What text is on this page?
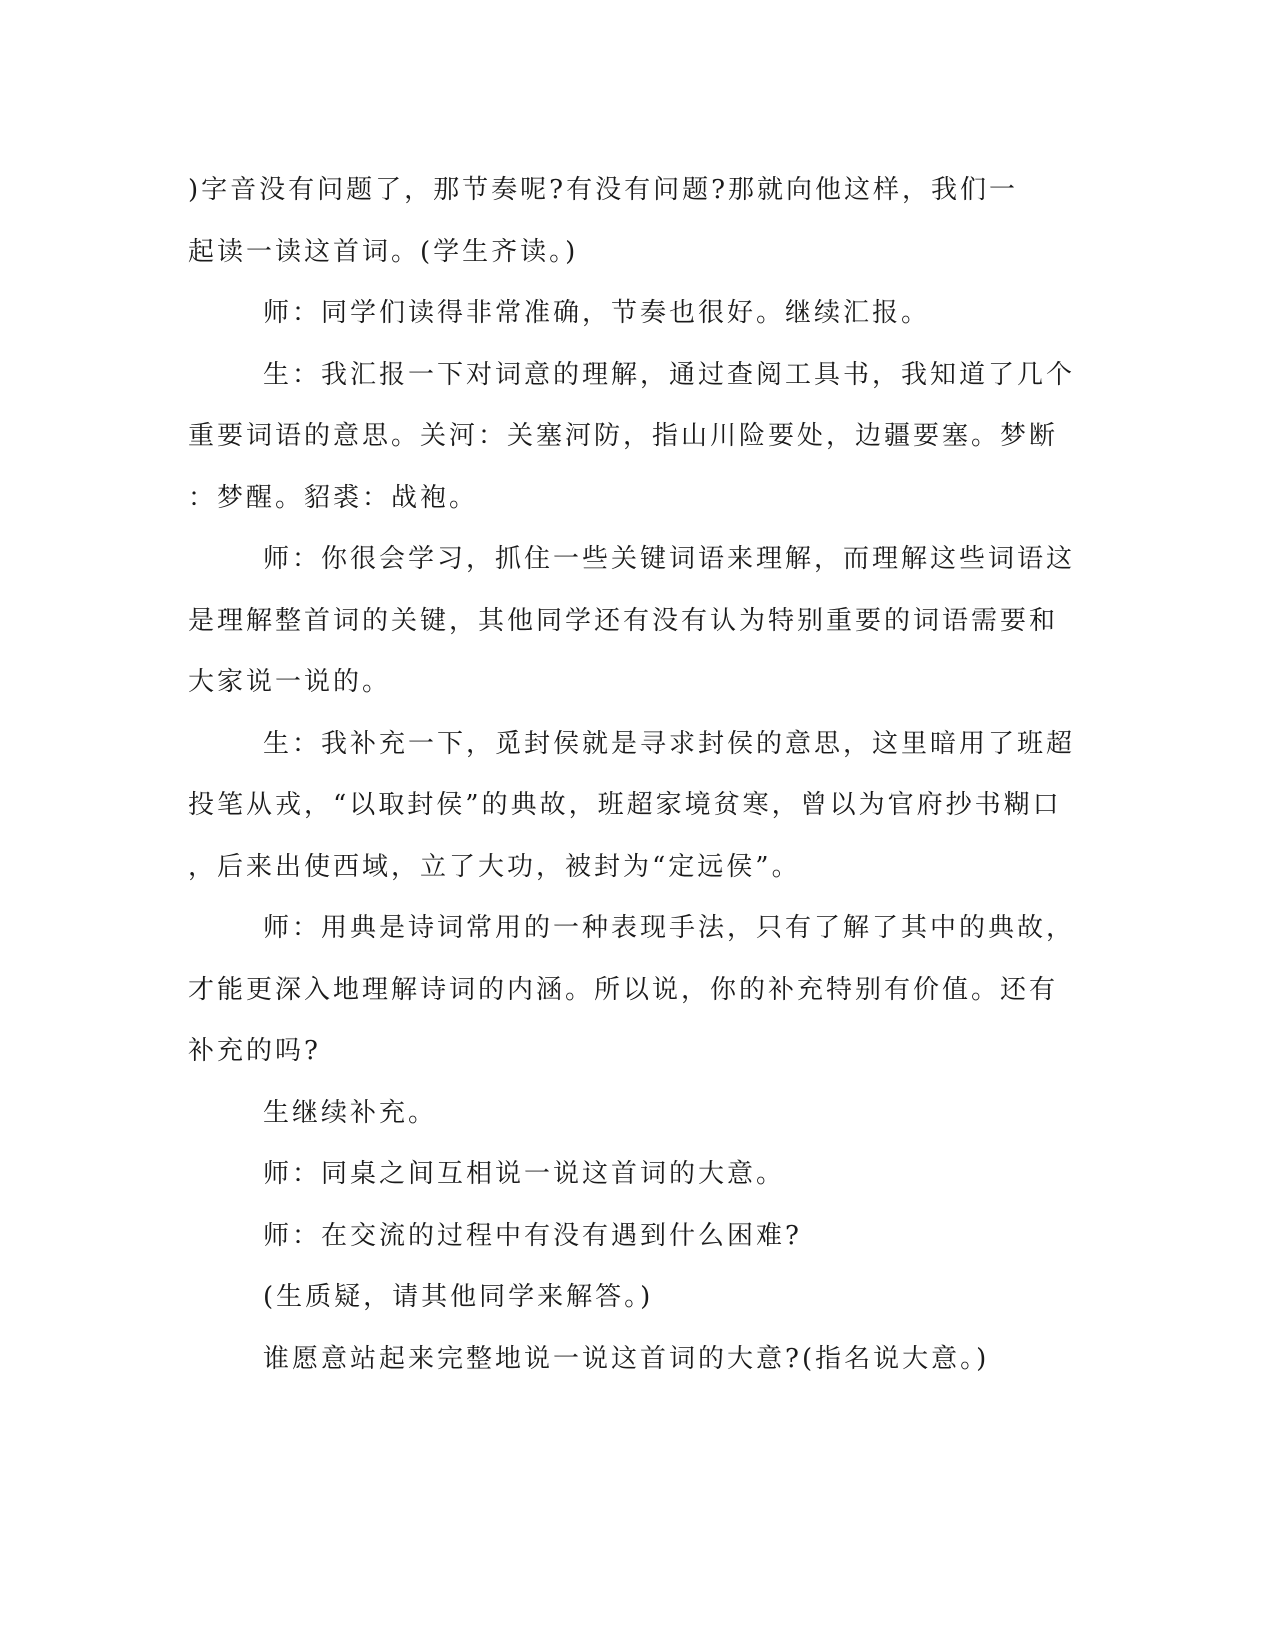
)字音没有问题了，那节奏呢?有没有问题?那就向他这样，我们一
起读一读这首词。(学生齐读。)
师：同学们读得非常准确，节奏也很好。继续汇报。
生：我汇报一下对词意的理解，通过查阅工具书，我知道了几个
重要词语的意思。关河：关塞河防，指山川险要处，边疆要塞。梦断
：梦醒。貂裘：战袍。
师：你很会学习，抓住一些关键词语来理解，而理解这些词语这
是理解整首词的关键，其他同学还有没有认为特别重要的词语需要和
大家说一说的。
生：我补充一下，觅封侯就是寻求封侯的意思，这里暗用了班超
投笔从戎，“以取封侯”的典故，班超家境贫寒，曾以为官府抄书糊口
，后来出使西域，立了大功，被封为“定远侯”。
师：用典是诗词常用的一种表现手法，只有了解了其中的典故，
才能更深入地理解诗词的内涵。所以说，你的补充特别有价值。还有
补充的吗?
生继续补充。
师：同桌之间互相说一说这首词的大意。
师：在交流的过程中有没有遇到什么困难?
(生质疑，请其他同学来解答。)
谁愿意站起来完整地说一说这首词的大意?(指名说大意。)
